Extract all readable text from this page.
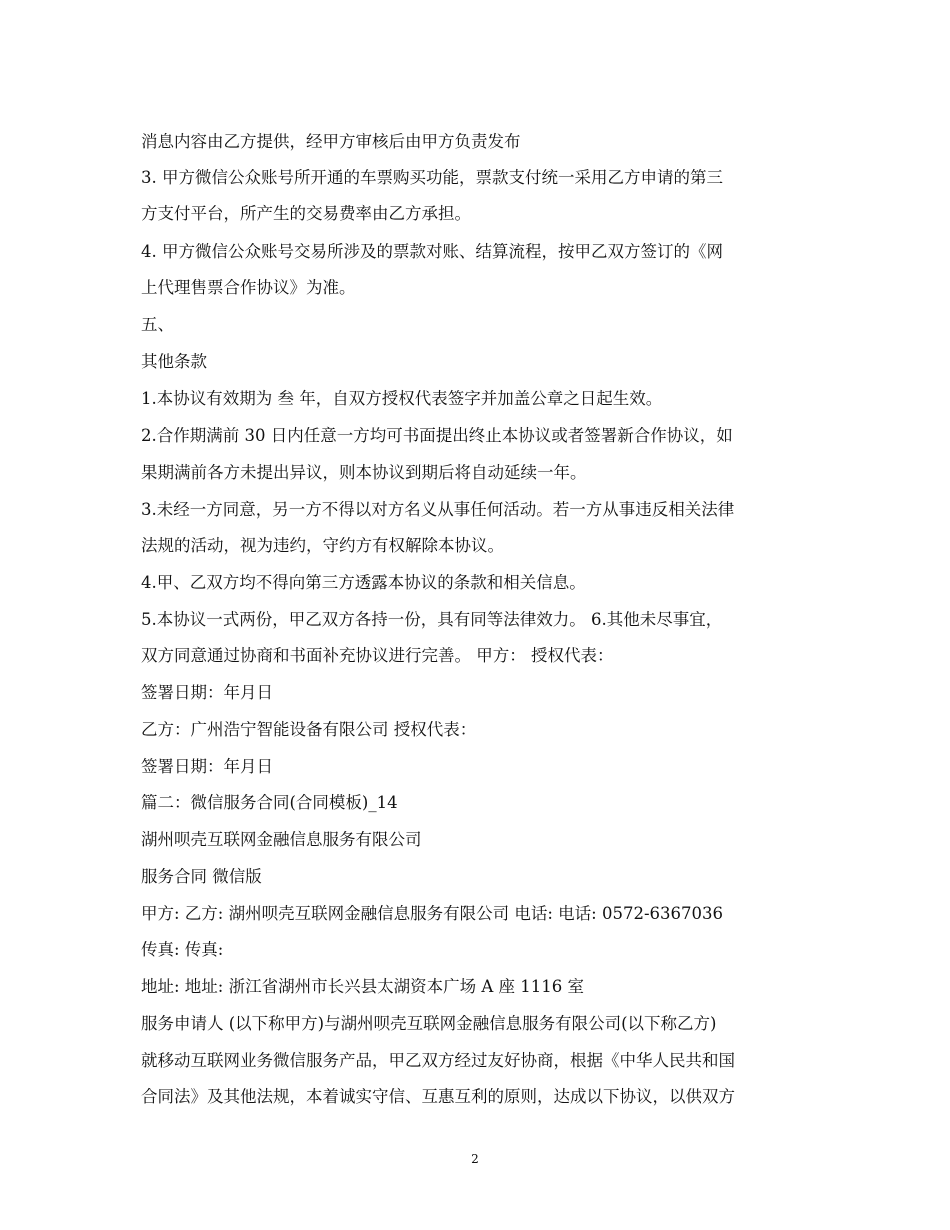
消息内容由乙方提供，经甲方审核后由甲方负责发布
3. 甲方微信公众账号所开通的车票购买功能，票款支付统一采用乙方申请的第三
方支付平台，所产生的交易费率由乙方承担。
4. 甲方微信公众账号交易所涉及的票款对账、结算流程，按甲乙双方签订的《网
上代理售票合作协议》为准。
五、
其他条款
1.本协议有效期为 叁 年，自双方授权代表签字并加盖公章之日起生效。
2.合作期满前 30 日内任意一方均可书面提出终止本协议或者签署新合作协议，如
果期满前各方未提出异议，则本协议到期后将自动延续一年。
3.未经一方同意，另一方不得以对方名义从事任何活动。若一方从事违反相关法律
法规的活动，视为违约，守约方有权解除本协议。
4.甲、乙双方均不得向第三方透露本协议的条款和相关信息。
5.本协议一式两份，甲乙双方各持一份，具有同等法律效力。 6.其他未尽事宜，
双方同意通过协商和书面补充协议进行完善。 甲方： 授权代表：
签署日期：年月日
乙方：广州浩宁智能设备有限公司 授权代表：
签署日期：年月日
篇二：微信服务合同(合同模板)_14
湖州呗壳互联网金融信息服务有限公司
服务合同 微信版
甲方: 乙方: 湖州呗壳互联网金融信息服务有限公司 电话: 电话: 0572-6367036
传真: 传真:
地址: 地址: 浙江省湖州市长兴县太湖资本广场 A 座 1116 室
服务申请人 (以下称甲方)与湖州呗壳互联网金融信息服务有限公司(以下称乙方)
就移动互联网业务微信服务产品，甲乙双方经过友好协商，根据《中华人民共和国
合同法》及其他法规，本着诚实守信、互惠互利的原则，达成以下协议，以供双方
2
